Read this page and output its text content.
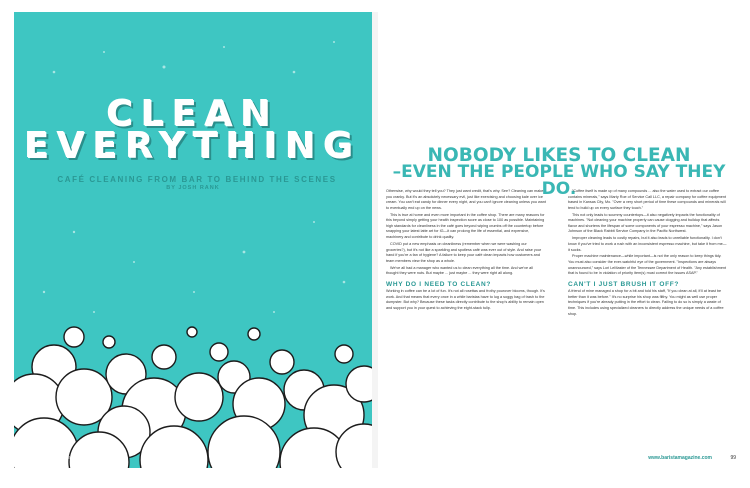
CLEAN
EVERYTHING
CAFÉ CLEANING FROM BAR TO BEHIND THE SCENES
BY JOSH RANK
98 barista magazine
NOBODY LIKES TO CLEAN
–EVEN THE PEOPLE WHO SAY THEY DO.

Otherwise, why would they tell you? They just want credit, that's why. See? Cleaning can make you cranky. But it's an absolutely necessary evil, just like exercising and choosing kale over ice cream. You can't eat candy for dinner every night, and you can't ignore cleaning unless you want to eventually end up on the news.

This is true at home and even more important in the coffee shop. There are many reasons for this beyond simply getting your health inspection score as close to 100 as possible. Maintaining high standards for cleanliness in the café goes beyond wiping crumbs off the countertop before snapping your latest latte art for IG—it can prolong the life of essential, and expensive, machinery and contribute to drink quality.

COVID put a new emphasis on cleanliness (remember when we were washing our groceries?), but it's not like a sparkling and spotless café was ever out of style. And raise your hand if you're a fan of hygiene? A failure to keep your café clean impacts how customers and team members view the shop as a whole.

We've all had a manager who wanted us to clean everything all the time. And we've all thought they were nuts. But maybe ... just maybe ... they were right all along.

WHY DO I NEED TO CLEAN?

Working in coffee can be a lot of fun. It's not all rosettas and frothy pourover blooms, though. It's work. And that means that every once in a while baristas have to lug a soggy bag of trash to the dumpster. But why? Because these tasks directly contribute to the shop's ability to remain open and support you in your quest to achieving the eight-stack tulip.

"Coffee itself is made up of many compounds ... also the water used to extract our coffee contains minerals," says Marty Roe of Service Call LLC, a repair company for coffee equipment based in Kansas City, Mo. "Over a very short period of time these compounds and minerals will tend to build up on every surface they touch."

This not only leads to scummy countertops—it also negatively impacts the functionality of machines. "Not cleaning your machine properly can cause clogging and buildup that affects flavor and shortens the lifespan of some components of your espresso machine," says Jason Johnson of the Black Rabbit Service Company in the Pacific Northwest.

Improper cleaning leads to costly repairs, but it also leads to unreliable functionality. I don't know if you've tried to work a rush with an inconsistent espresso machine, but take it from me—it sucks.

Proper machine maintenance—while important—is not the only reason to keep things tidy. You must also consider the ever-watchful eye of the government. "Inspections are always unannounced," says Lori LeMaster of the Tennessee Department of Health. "Any establishment that is found to be in violation of priority item(s) must correct the issues ASAP."

CAN'T I JUST BRUSH IT OFF?

A friend of mine managed a shop for a bit and told his staff, "If you clean at all, it'll at least be better than it was before." It's no surprise his shop was filthy. You might as well use proper techniques if you're already putting in the effort to clean. Failing to do so is simply a waste of time. This includes using specialized cleaners to directly address the unique needs of a coffee shop.

www.baristamagazine.com	99
